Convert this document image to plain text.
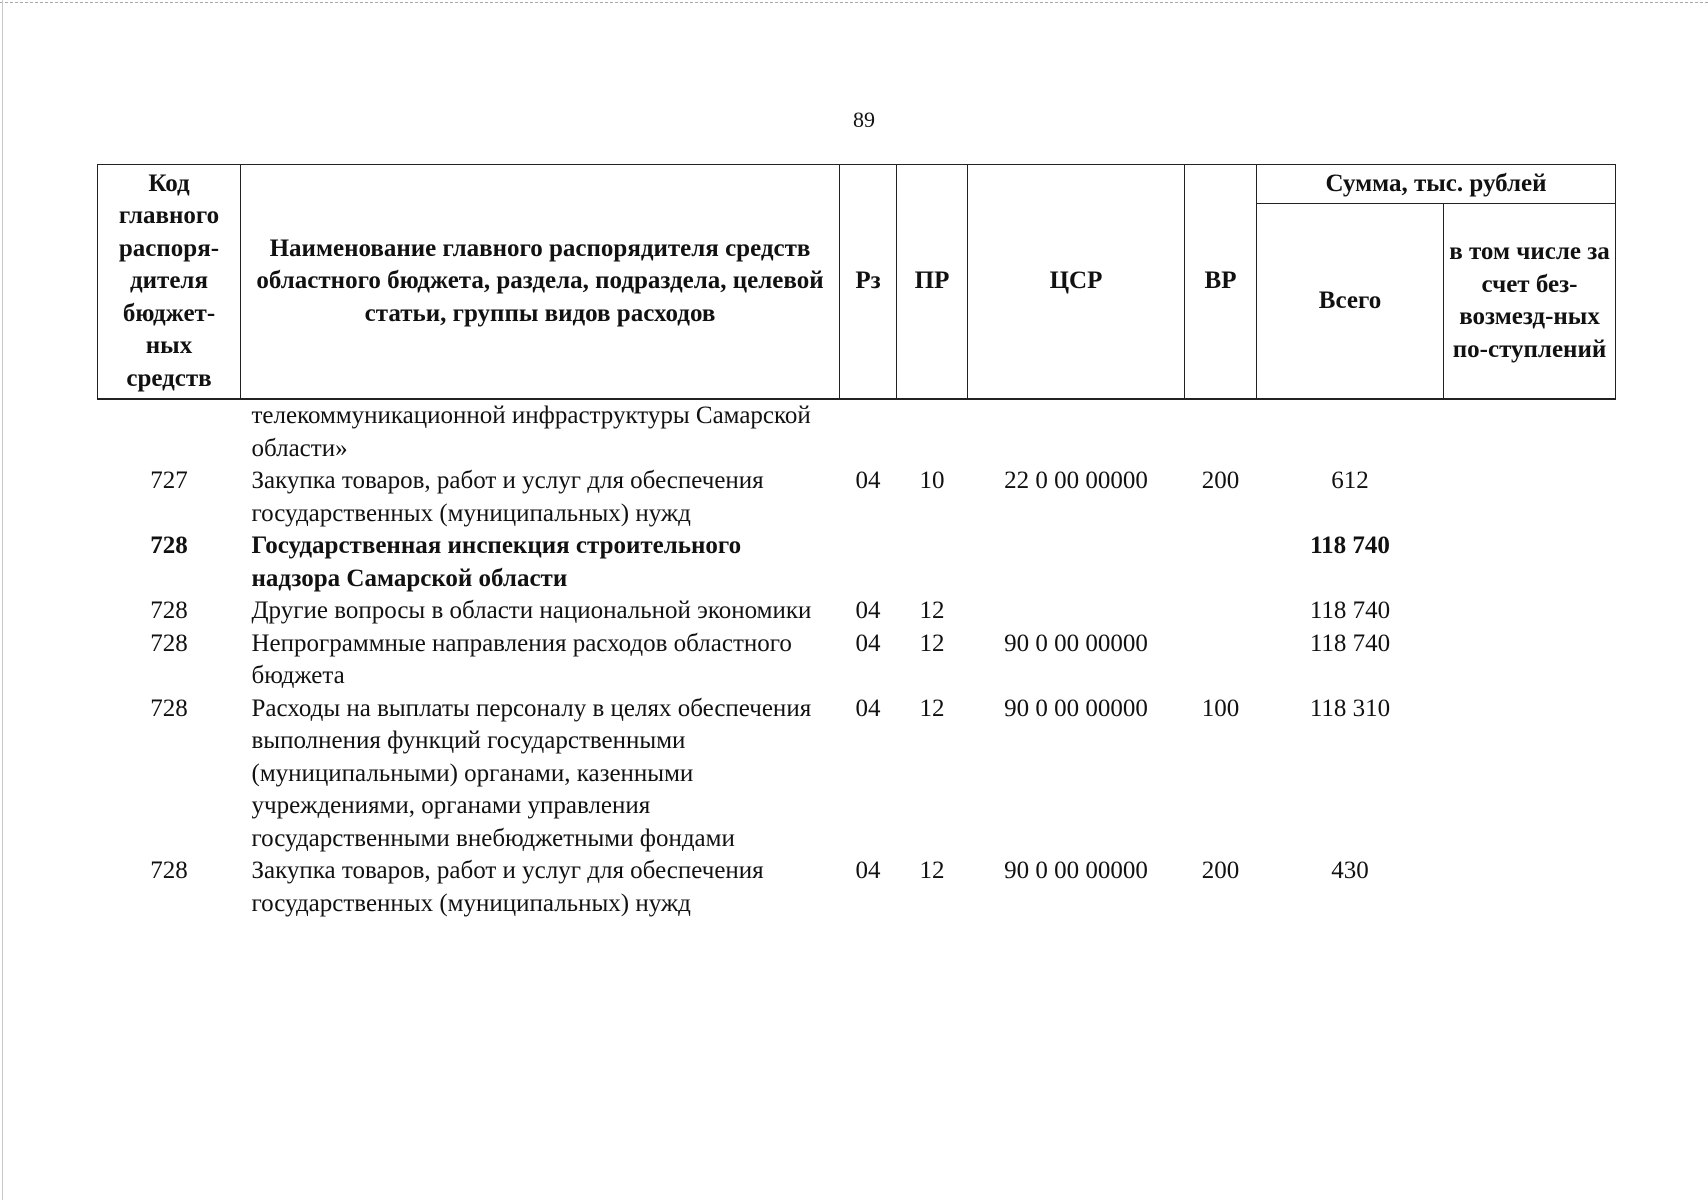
89
Код главного распоря-дителя бюджет-ных средств	Наименование главного распорядителя средств областного бюджета, раздела, подраздела, целевой статьи, группы видов расходов	Рз	ПР	ЦСР	ВР	Сумма, тыс. рублей	
						Всего	в том числе за счет без-возмезд-ных по-ступлений
	телекоммуникационной инфраструктуры Самарской области»						
727	Закупка товаров, работ и услуг для обеспечения государственных (муниципальных) нужд	04	10	22 0 00 00000	200	612	
728	Государственная инспекция строительного надзора Самарской области					118 740	
728	Другие вопросы в области национальной экономики	04	12			118 740	
728	Непрограммные направления расходов областного бюджета	04	12	90 0 00 00000		118 740	
728	Расходы на выплаты персоналу в целях обеспечения выполнения функций государственными (муниципальными) органами, казенными учреждениями, органами управления государственными внебюджетными фондами	04	12	90 0 00 00000	100	118 310	
728	Закупка товаров, работ и услуг для обеспечения государственных (муниципальных) нужд	04	12	90 0 00 00000	200	430	
